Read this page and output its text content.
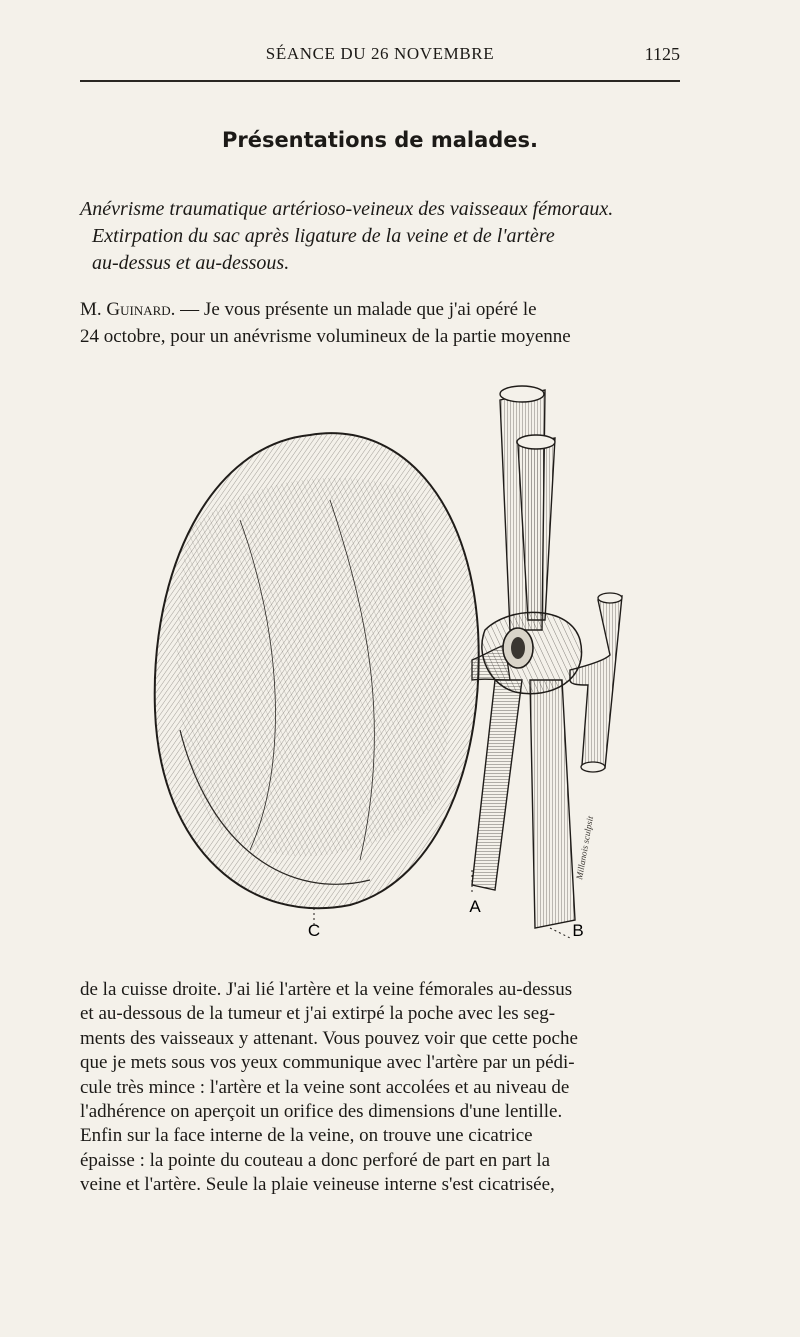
SÉANCE DU 26 NOVEMBRE	1125
Présentations de malades.
Anévrisme traumatique artérioso-veineux des vaisseaux fémoraux.
Extirpation du sac après ligature de la veine et de l'artère
au-dessus et au-dessous.
M. Guinard. — Je vous présente un malade que j'ai opéré le
24 octobre, pour un anévrisme volumineux de la partie moyenne
C
A
B
Millanois sculpsit
de la cuisse droite. J'ai lié l'artère et la veine fémorales au-dessus
et au-dessous de la tumeur et j'ai extirpé la poche avec les seg-
ments des vaisseaux y attenant. Vous pouvez voir que cette poche
que je mets sous vos yeux communique avec l'artère par un pédi-
cule très mince : l'artère et la veine sont accolées et au niveau de
l'adhérence on aperçoit un orifice des dimensions d'une lentille.
Enfin sur la face interne de la veine, on trouve une cicatrice
épaisse : la pointe du couteau a donc perforé de part en part la
veine et l'artère. Seule la plaie veineuse interne s'est cicatrisée,
